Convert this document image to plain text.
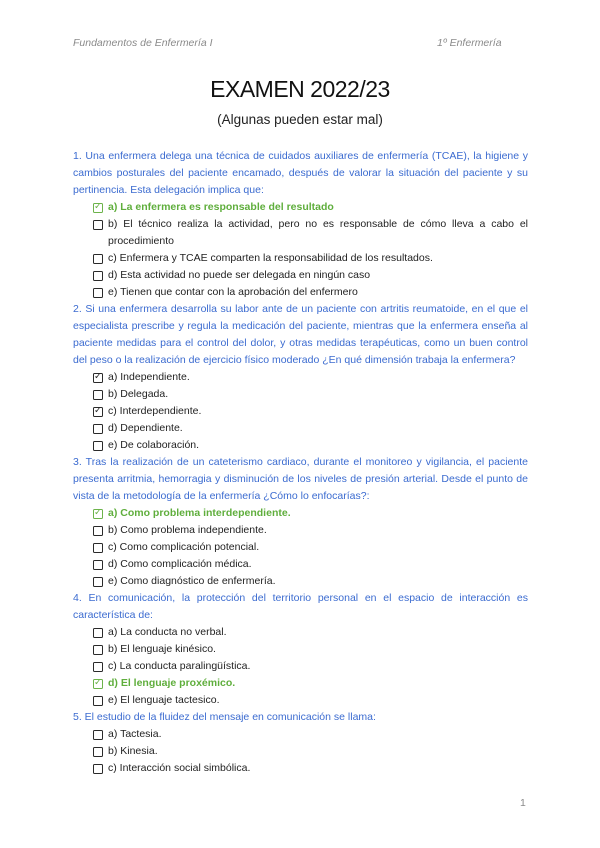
Fundamentos de Enfermería I	1º Enfermería
EXAMEN 2022/23
(Algunas pueden estar mal)

1. Una enfermera delega una técnica de cuidados auxiliares de enfermería (TCAE), la higiene y cambios posturales del paciente encamado, después de valorar la situación del paciente y su pertinencia. Esta delegación implica que:

✓ a) La enfermera es responsable del resultado
b) El técnico realiza la actividad, pero no es responsable de cómo lleva a cabo el procedimiento
c) Enfermera y TCAE comparten la responsabilidad de los resultados.
d) Esta actividad no puede ser delegada en ningún caso
e) Tienen que contar con la aprobación del enfermero

2. Si una enfermera desarrolla su labor ante de un paciente con artritis reumatoide, en el que el especialista prescribe y regula la medicación del paciente, mientras que la enfermera enseña al paciente medidas para el control del dolor, y otras medidas terapéuticas, como un buen control del peso o la realización de ejercicio físico moderado ¿En qué dimensión trabaja la enfermera?

✓ a) Independiente.
b) Delegada.
✓ c) Interdependiente.
d) Dependiente.
e) De colaboración.

3. Tras la realización de un cateterismo cardiaco, durante el monitoreo y vigilancia, el paciente presenta arritmia, hemorragia y disminución de los niveles de presión arterial. Desde el punto de vista de la metodología de la enfermería ¿Cómo lo enfocarías?:

✓ a) Como problema interdependiente.
b) Como problema independiente.
c) Como complicación potencial.
d) Como complicación médica.
e) Como diagnóstico de enfermería.

4. En comunicación, la protección del territorio personal en el espacio de interacción es característica de:

a) La conducta no verbal.
b) El lenguaje kinésico.
c) La conducta paralingüística.
✓ d) El lenguaje proxémico.
e) El lenguaje tactesico.

5. El estudio de la fluidez del mensaje en comunicación se llama:

a) Tactesia.
b) Kinesia.
c) Interacción social simbólica.
1
